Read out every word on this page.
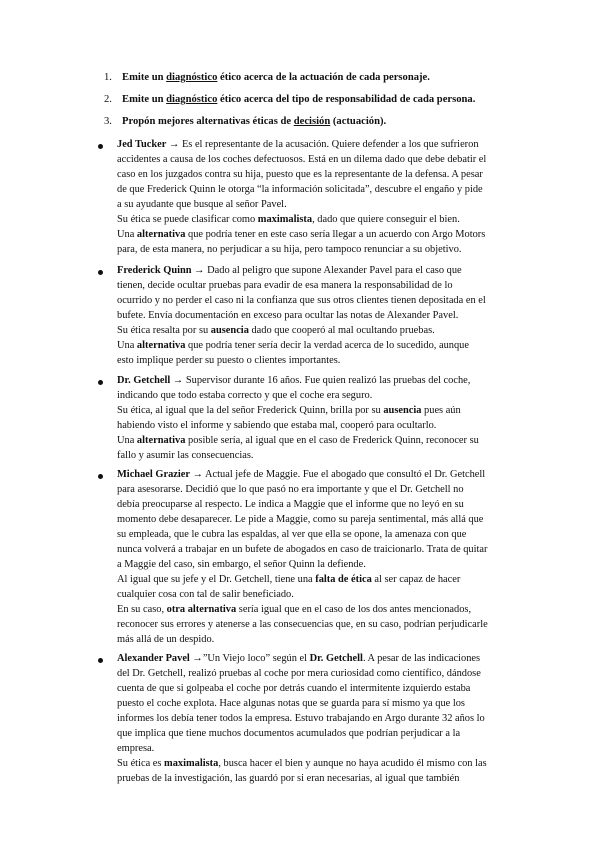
1. Emite un diagnóstico ético acerca de la actuación de cada personaje.
2. Emite un diagnóstico ético acerca del tipo de responsabilidad de cada persona.
3. Propón mejores alternativas éticas de decisión (actuación).
Jed Tucker → Es el representante de la acusación. Quiere defender a los que sufrieron
accidentes a causa de los coches defectuosos. Está en un dilema dado que debe debatir el
caso en los juzgados contra su hija, puesto que es la representante de la defensa. A pesar
de que Frederick Quinn le otorga “la información solicitada”, descubre el engaño y pide
a su ayudante que busque al señor Pavel.
Su ética se puede clasificar como maximalista, dado que quiere conseguir el bien.
Una alternativa que podría tener en este caso sería llegar a un acuerdo con Argo Motors
para, de esta manera, no perjudicar a su hija, pero tampoco renunciar a su objetivo.
Frederick Quinn → Dado al peligro que supone Alexander Pavel para el caso que
tienen, decide ocultar pruebas para evadir de esa manera la responsabilidad de lo
ocurrido y no perder el caso ni la confianza que sus otros clientes tienen depositada en el
bufete. Envía documentación en exceso para ocultar las notas de Alexander Pavel.
Su ética resalta por su ausencia dado que cooperó al mal ocultando pruebas.
Una alternativa que podría tener sería decir la verdad acerca de lo sucedido, aunque
esto implique perder su puesto o clientes importantes.
Dr. Getchell → Supervisor durante 16 años. Fue quien realizó las pruebas del coche,
indicando que todo estaba correcto y que el coche era seguro.
Su ética, al igual que la del señor Frederick Quinn, brilla por su ausencia pues aún
habiendo visto el informe y sabiendo que estaba mal, cooperó para ocultarlo.
Una alternativa posible sería, al igual que en el caso de Frederick Quinn, reconocer su
fallo y asumir las consecuencias.
Michael Grazier → Actual jefe de Maggie. Fue el abogado que consultó el Dr. Getchell
para asesorarse. Decidió que lo que pasó no era importante y que el Dr. Getchell no
debía preocuparse al respecto. Le indica a Maggie que el informe que no leyó en su
momento debe desaparecer. Le pide a Maggie, como su pareja sentimental, más allá que
su empleada, que le cubra las espaldas, al ver que ella se opone, la amenaza con que
nunca volverá a trabajar en un bufete de abogados en caso de traicionarlo. Trata de quitar
a Maggie del caso, sin embargo, el señor Quinn la defiende.
Al igual que su jefe y el Dr. Getchell, tiene una falta de ética al ser capaz de hacer
cualquier cosa con tal de salir beneficiado.
En su caso, otra alternativa sería igual que en el caso de los dos antes mencionados,
reconocer sus errores y atenerse a las consecuencias que, en su caso, podrían perjudicarle
más allá de un despido.
Alexander Pavel →”Un Viejo loco” según el Dr. Getchell. A pesar de las indicaciones
del Dr. Getchell, realizó pruebas al coche por mera curiosidad como científico, dándose
cuenta de que si golpeaba el coche por detrás cuando el intermitente izquierdo estaba
puesto el coche explota. Hace algunas notas que se guarda para sí mismo ya que los
informes los debía tener todos la empresa. Estuvo trabajando en Argo durante 32 años lo
que implica que tiene muchos documentos acumulados que podrían perjudicar a la
empresa.
Su ética es maximalista, busca hacer el bien y aunque no haya acudido él mismo con las
pruebas de la investigación, las guardó por si eran necesarias, al igual que también
